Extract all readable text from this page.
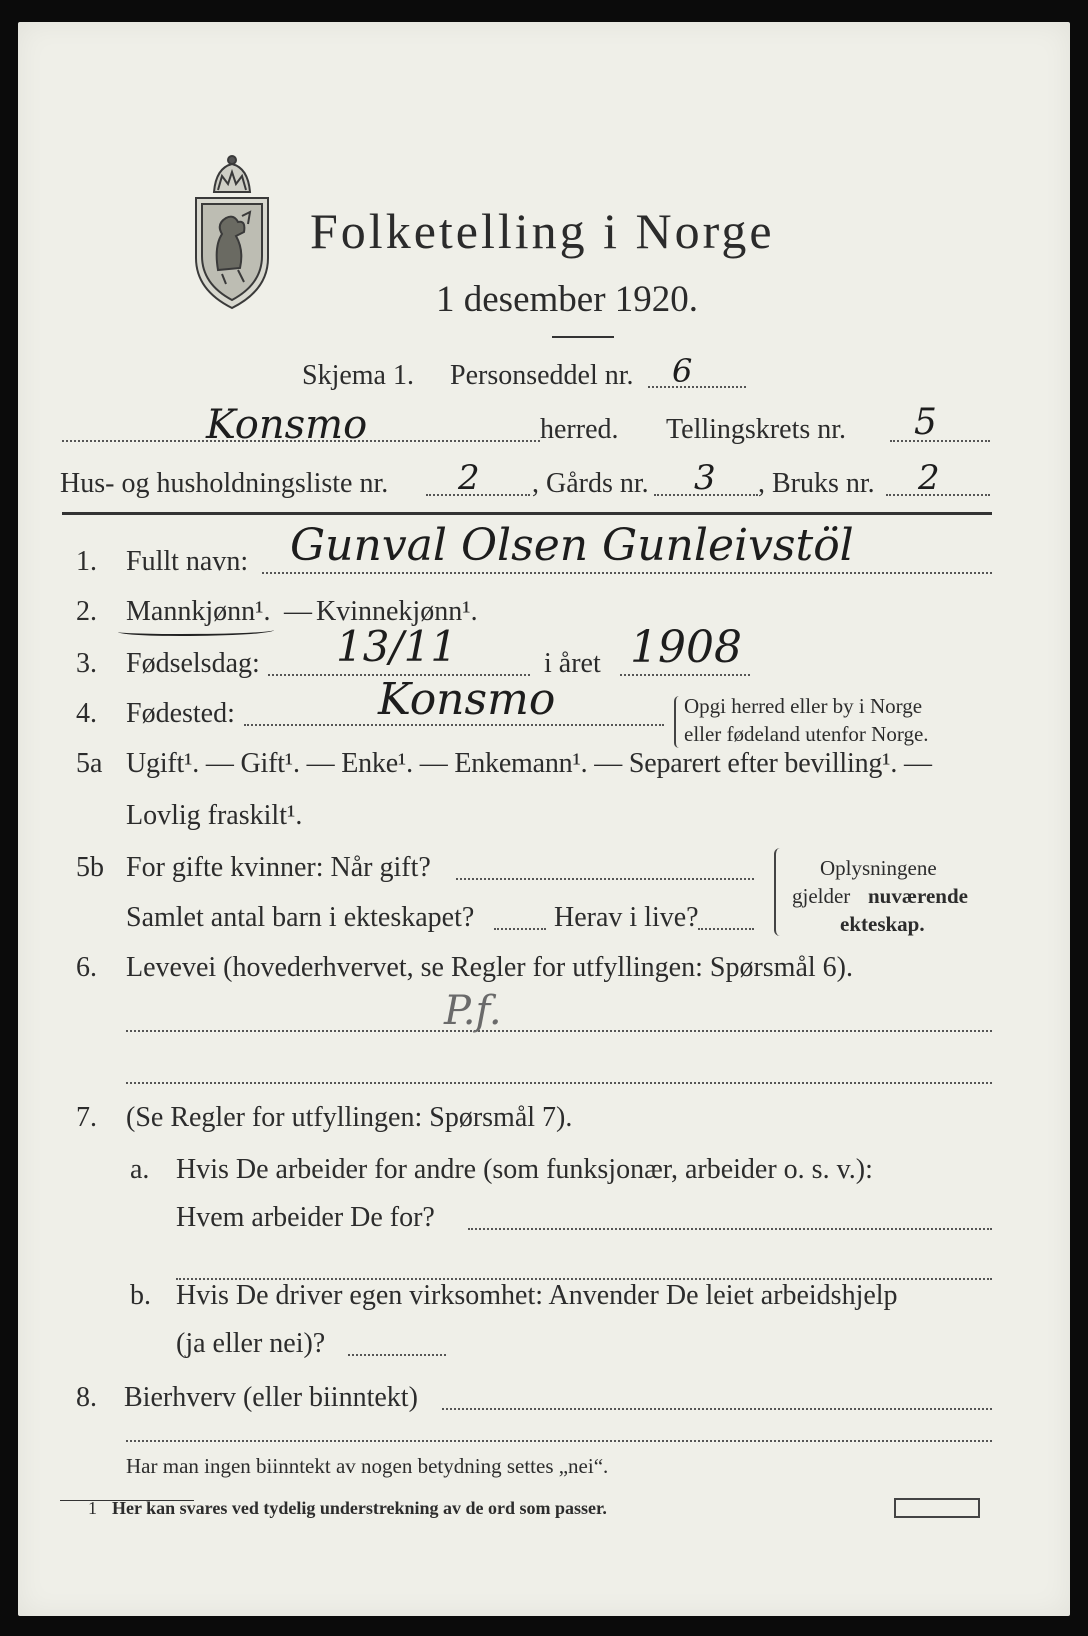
Folketelling i Norge
1 desember 1920.
Skjema 1. Personseddel nr. 6
Konsmo	herred. Tellingskrets nr. 5
Hus- og husholdningsliste nr. 2 , Gårds nr. 3 , Bruks nr. 2
1. Fullt navn: Gunval Olsen Gunleivstöl
2. Mannkjønn¹. — Kvinnekjønn¹.
3. Fødselsdag: 13/11	i året 1908
4. Fødested:	Konsmo	Opgi herred eller by i Norge
eller fødeland utenfor Norge.
5a Ugift¹. — Gift¹. — Enke¹. — Enkemann¹. — Separert efter bevilling¹. —
Lovlig fraskilt¹.
5b For gifte kvinner: Når gift?
Samlet antal barn i ekteskapet?	Herav i live?
Oplysningene
gjelder nuværende
ekteskap.
6. Levevei (hovederhvervet, se Regler for utfyllingen: Spørsmål 6).
P.f.
7. (Se Regler for utfyllingen: Spørsmål 7).
a. Hvis De arbeider for andre (som funksjonær, arbeider o. s. v.):
Hvem arbeider De for?
b. Hvis De driver egen virksomhet: Anvender De leiet arbeidshjelp
(ja eller nei)?
8. Bierhverv (eller biinntekt)
Har man ingen biinntekt av nogen betydning settes „nei“.
1 Her kan svares ved tydelig understrekning av de ord som passer.
